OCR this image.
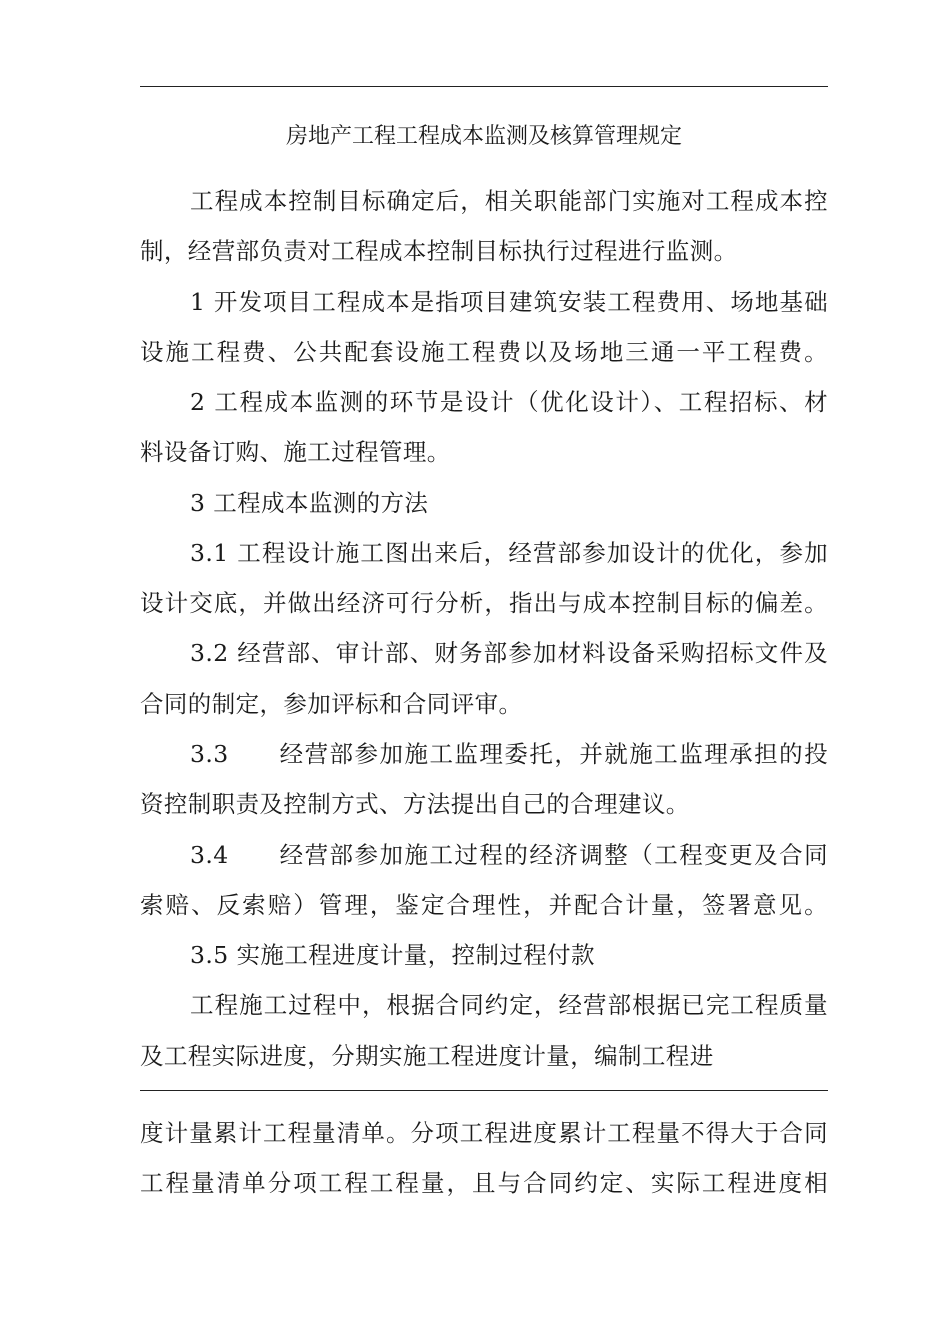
房地产工程工程成本监测及核算管理规定
工程成本控制目标确定后，相关职能部门实施对工程成本控
制，经营部负责对工程成本控制目标执行过程进行监测。
1 开发项目工程成本是指项目建筑安装工程费用、场地基础
设施工程费、公共配套设施工程费以及场地三通一平工程费。
2 工程成本监测的环节是设计（优化设计）、工程招标、材
料设备订购、施工过程管理。
3 工程成本监测的方法
3.1 工程设计施工图出来后，经营部参加设计的优化，参加
设计交底，并做出经济可行分析，指出与成本控制目标的偏差。
3.2 经营部、审计部、财务部参加材料设备采购招标文件及
合同的制定，参加评标和合同评审。
3.3　　经营部参加施工监理委托，并就施工监理承担的投
资控制职责及控制方式、方法提出自己的合理建议。
3.4　　经营部参加施工过程的经济调整（工程变更及合同
索赔、反索赔）管理，鉴定合理性，并配合计量，签署意见。
3.5 实施工程进度计量，控制过程付款
工程施工过程中，根据合同约定，经营部根据已完工程质量
及工程实际进度，分期实施工程进度计量，编制工程进
度计量累计工程量清单。分项工程进度累计工程量不得大于合同
工程量清单分项工程工程量，且与合同约定、实际工程进度相
